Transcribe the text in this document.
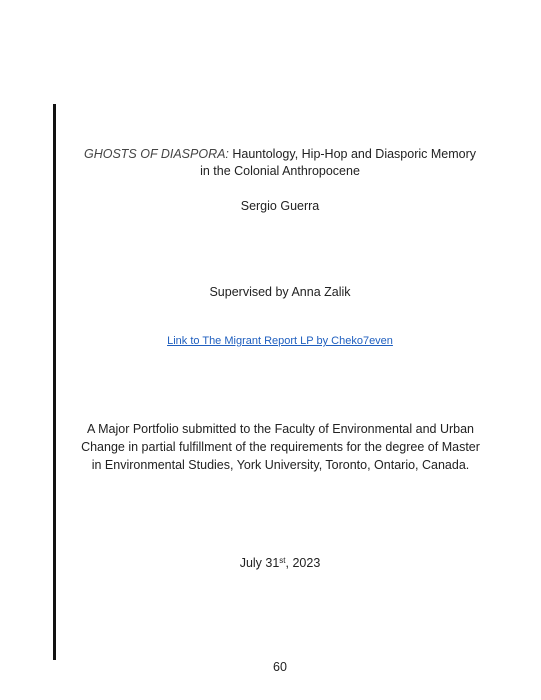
GHOSTS OF DIASPORA: Hauntology, Hip-Hop and Diasporic Memory
in the Colonial Anthropocene
Sergio Guerra
Supervised by Anna Zalik
Link to The Migrant Report LP by Cheko7even
A Major Portfolio submitted to the Faculty of Environmental and Urban Change in partial fulfillment of the requirements for the degree of Master in Environmental Studies, York University, Toronto, Ontario, Canada.
July 31st, 2023
60
